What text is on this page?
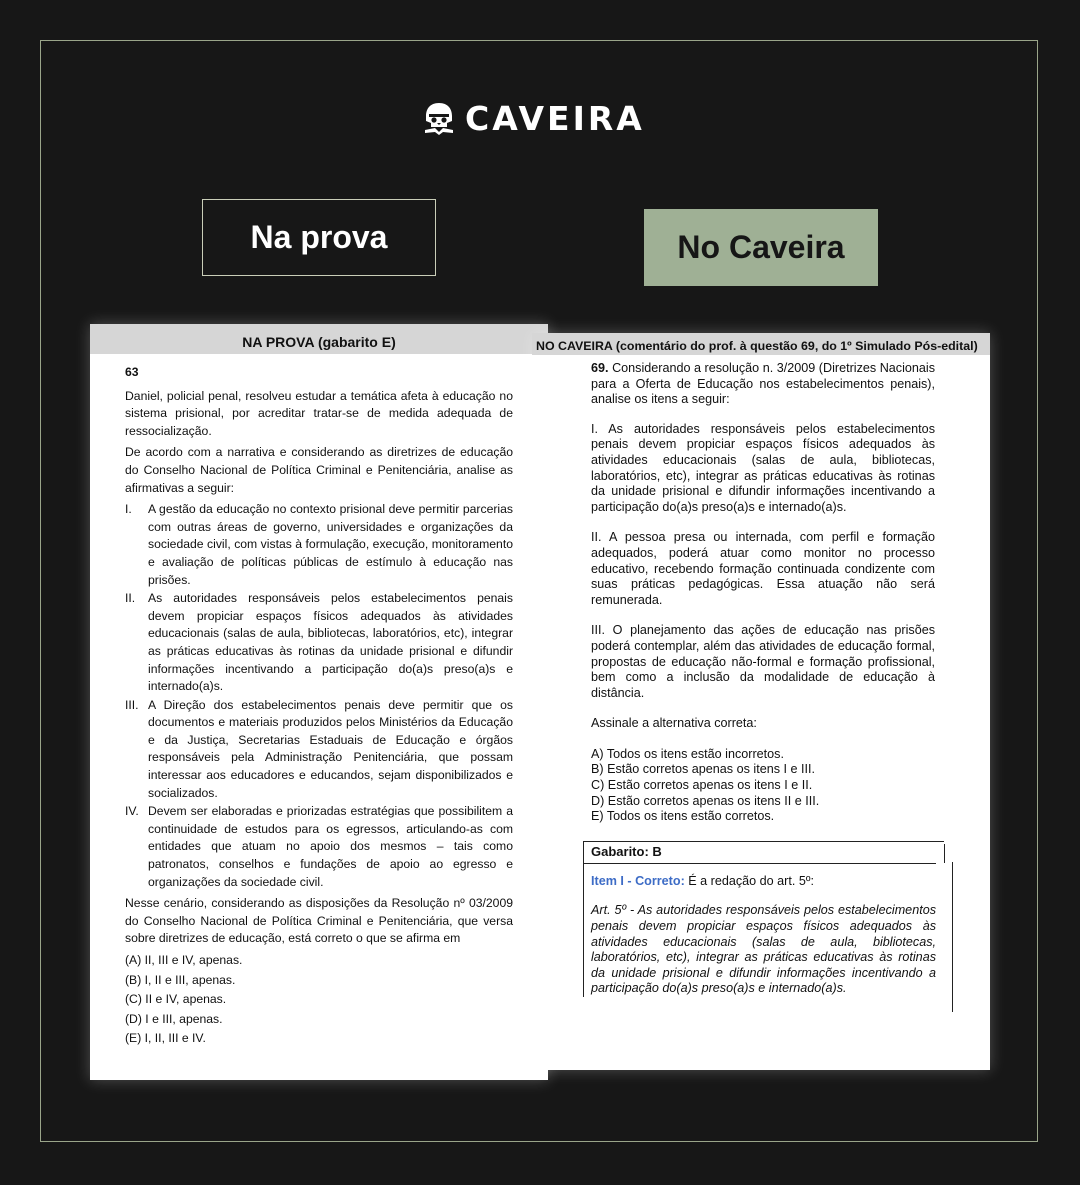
CAVEIRA
Na prova	No Caveira
NA PROVA (gabarito E)

63

Daniel, policial penal, resolveu estudar a temática afeta à educação no sistema prisional, por acreditar tratar-se de medida adequada de ressocialização.

De acordo com a narrativa e considerando as diretrizes de educação do Conselho Nacional de Política Criminal e Penitenciária, analise as afirmativas a seguir:

I.	A gestão da educação no contexto prisional deve permitir parcerias com outras áreas de governo, universidades e organizações da sociedade civil, com vistas à formulação, execução, monitoramento e avaliação de políticas públicas de estímulo à educação nas prisões.
II.	As autoridades responsáveis pelos estabelecimentos penais devem propiciar espaços físicos adequados às atividades educacionais (salas de aula, bibliotecas, laboratórios, etc), integrar as práticas educativas às rotinas da unidade prisional e difundir informações incentivando a participação do(a)s preso(a)s e internado(a)s.
III. A Direção dos estabelecimentos penais deve permitir que os documentos e materiais produzidos pelos Ministérios da Educação e da Justiça, Secretarias Estaduais de Educação e órgãos responsáveis pela Administração Penitenciária, que possam interessar aos educadores e educandos, sejam disponibilizados e socializados.
IV. Devem ser elaboradas e priorizadas estratégias que possibilitem a continuidade de estudos para os egressos, articulando-as com entidades que atuam no apoio dos mesmos – tais como patronatos, conselhos e fundações de apoio ao egresso e organizações da sociedade civil.

Nesse cenário, considerando as disposições da Resolução nº 03/2009 do Conselho Nacional de Política Criminal e Penitenciária, que versa sobre diretrizes de educação, está correto o que se afirma em

(A) II, III e IV, apenas.
(B) I, II e III, apenas.
(C) II e IV, apenas.
(D) I e III, apenas.
(E) I, II, III e IV.
NO CAVEIRA (comentário do prof. à questão 69, do 1º Simulado Pós-edital)

69. Considerando a resolução n. 3/2009 (Diretrizes Nacionais para a Oferta de Educação nos estabelecimentos penais), analise os itens a seguir:

I. As autoridades responsáveis pelos estabelecimentos penais devem propiciar espaços físicos adequados às atividades educacionais (salas de aula, bibliotecas, laboratórios, etc), integrar as práticas educativas às rotinas da unidade prisional e difundir informações incentivando a participação do(a)s preso(a)s e internado(a)s.

II. A pessoa presa ou internada, com perfil e formação adequados, poderá atuar como monitor no processo educativo, recebendo formação continuada condizente com suas práticas pedagógicas. Essa atuação não será remunerada.

III. O planejamento das ações de educação nas prisões poderá contemplar, além das atividades de educação formal, propostas de educação não-formal e formação profissional, bem como a inclusão da modalidade de educação à distância.

Assinale a alternativa correta:

A) Todos os itens estão incorretos.
B) Estão corretos apenas os itens I e III.
C) Estão corretos apenas os itens I e II.
D) Estão corretos apenas os itens II e III.
E) Todos os itens estão corretos.
Gabarito: B

Item I - Correto: É a redação do art. 5º:

Art. 5º - As autoridades responsáveis pelos estabelecimentos penais devem propiciar espaços físicos adequados às atividades educacionais (salas de aula, bibliotecas, laboratórios, etc), integrar as práticas educativas às rotinas da unidade prisional e difundir informações incentivando a participação do(a)s preso(a)s e internado(a)s.
